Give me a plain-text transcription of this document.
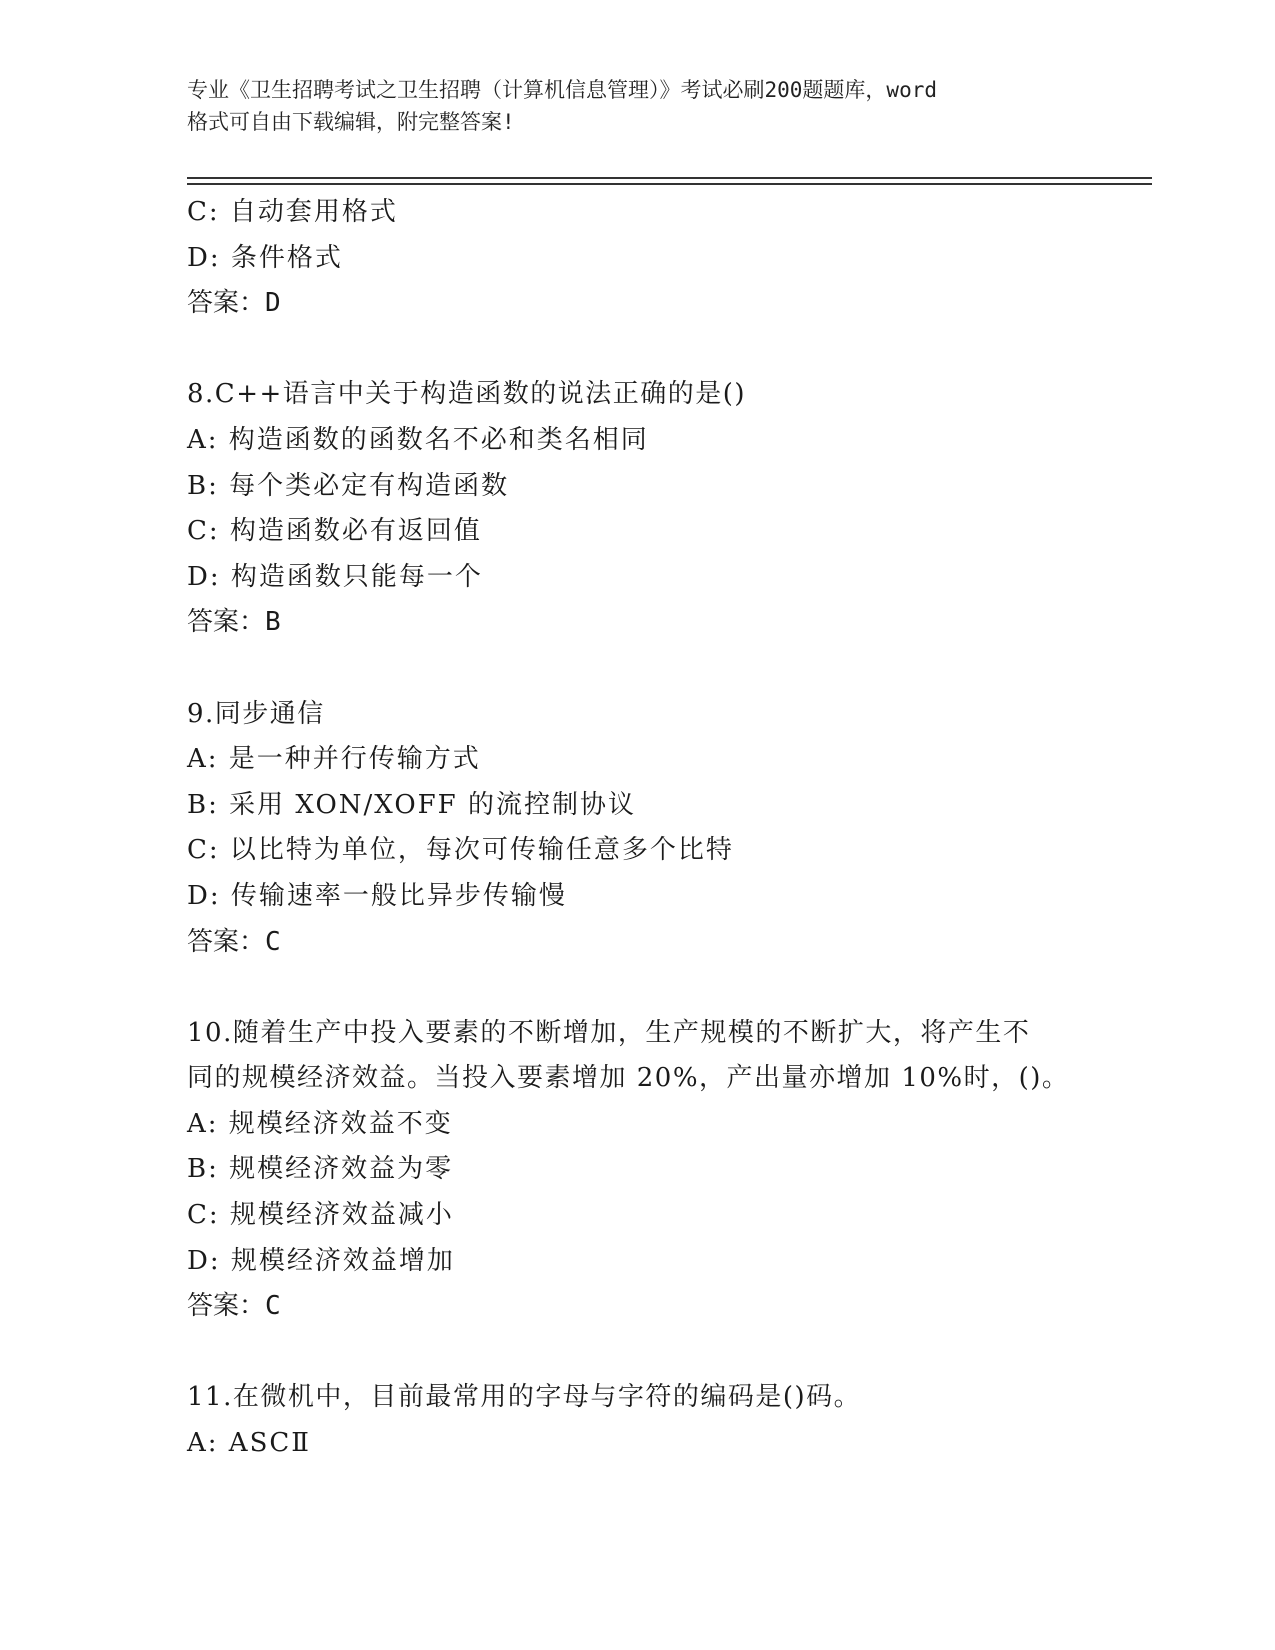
专业《卫生招聘考试之卫生招聘（计算机信息管理）》考试必刷200题题库，word
格式可自由下载编辑，附完整答案!
C: 自动套用格式
D: 条件格式
答案：D
8.C++语言中关于构造函数的说法正确的是()
A: 构造函数的函数名不必和类名相同
B: 每个类必定有构造函数
C: 构造函数必有返回值
D: 构造函数只能每一个
答案：B
9.同步通信
A: 是一种并行传输方式
B: 采用 XON/XOFF 的流控制协议
C: 以比特为单位，每次可传输任意多个比特
D: 传输速率一般比异步传输慢
答案：C
10.随着生产中投入要素的不断增加，生产规模的不断扩大，将产生不
同的规模经济效益。当投入要素增加 20%，产出量亦增加 10%时，()。
A: 规模经济效益不变
B: 规模经济效益为零
C: 规模经济效益减小
D: 规模经济效益增加
答案：C
11.在微机中，目前最常用的字母与字符的编码是()码。
A: ASCⅡ
